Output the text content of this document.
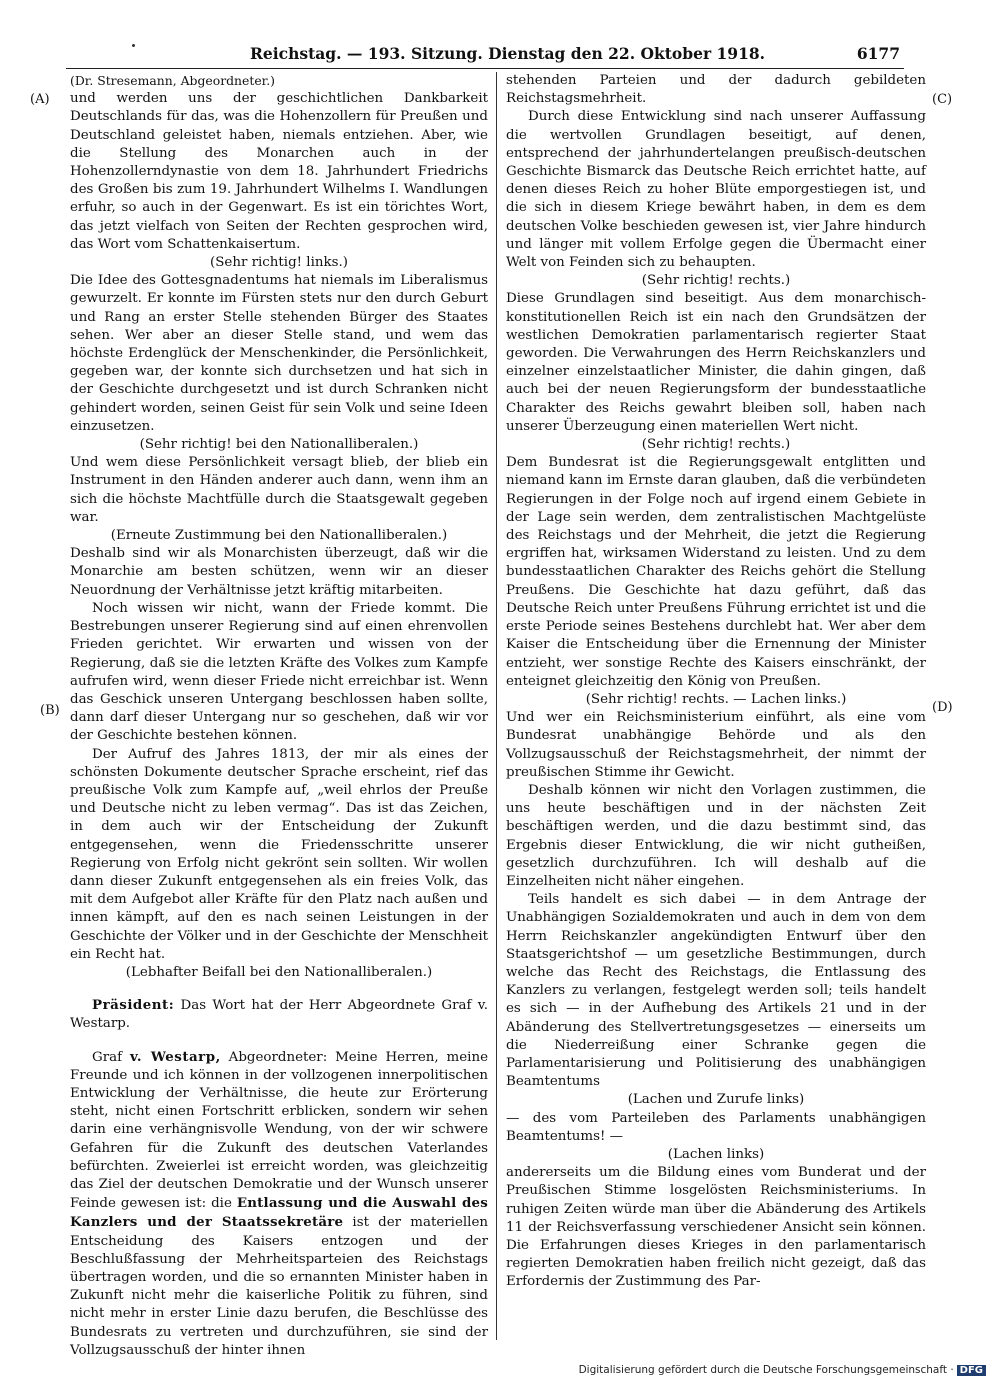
Reichstag. — 193. Sitzung. Dienstag den 22. Oktober 1918.	6177
(A)
(B)
(C)
(D)

(Dr. Stresemann, Abgeordneter.)

und werden uns der geschichtlichen Dankbarkeit Deutschlands für das, was die Hohenzollern für Preußen und Deutschland geleistet haben, niemals entziehen. Aber, wie die Stellung des Monarchen auch in der Hohenzollerndynastie von dem 18. Jahrhundert Friedrichs des Großen bis zum 19. Jahrhundert Wilhelms I. Wandlungen erfuhr, so auch in der Gegenwart. Es ist ein törichtes Wort, das jetzt vielfach von Seiten der Rechten gesprochen wird, das Wort vom Schattenkaisertum.

(Sehr richtig! links.)

Die Idee des Gottesgnadentums hat niemals im Liberalismus gewurzelt. Er konnte im Fürsten stets nur den durch Geburt und Rang an erster Stelle stehenden Bürger des Staates sehen. Wer aber an dieser Stelle stand, und wem das höchste Erdenglück der Menschenkinder, die Persönlichkeit, gegeben war, der konnte sich durchsetzen und hat sich in der Geschichte durchgesetzt und ist durch Schranken nicht gehindert worden, seinen Geist für sein Volk und seine Ideen einzusetzen.

(Sehr richtig! bei den Nationalliberalen.)

Und wem diese Persönlichkeit versagt blieb, der blieb ein Instrument in den Händen anderer auch dann, wenn ihm an sich die höchste Machtfülle durch die Staatsgewalt gegeben war.

(Erneute Zustimmung bei den Nationalliberalen.)

Deshalb sind wir als Monarchisten überzeugt, daß wir die Monarchie am besten schützen, wenn wir an dieser Neuordnung der Verhältnisse jetzt kräftig mitarbeiten.

Noch wissen wir nicht, wann der Friede kommt. Die Bestrebungen unserer Regierung sind auf einen ehrenvollen Frieden gerichtet. Wir erwarten und wissen von der Regierung, daß sie die letzten Kräfte des Volkes zum Kampfe aufrufen wird, wenn dieser Friede nicht erreichbar ist. Wenn das Geschick unseren Untergang beschlossen haben sollte, dann darf dieser Untergang nur so geschehen, daß wir vor der Geschichte bestehen können.

Der Aufruf des Jahres 1813, der mir als eines der schönsten Dokumente deutscher Sprache erscheint, rief das preußische Volk zum Kampfe auf, „weil ehrlos der Preuße und Deutsche nicht zu leben vermag“. Das ist das Zeichen, in dem auch wir der Entscheidung der Zukunft entgegensehen, wenn die Friedensschritte unserer Regierung von Erfolg nicht gekrönt sein sollten. Wir wollen dann dieser Zukunft entgegensehen als ein freies Volk, das mit dem Aufgebot aller Kräfte für den Platz nach außen und innen kämpft, auf den es nach seinen Leistungen in der Geschichte der Völker und in der Geschichte der Menschheit ein Recht hat.

(Lebhafter Beifall bei den Nationalliberalen.)

Präsident: Das Wort hat der Herr Abgeordnete Graf v. Westarp.

Graf v. Westarp, Abgeordneter: Meine Herren, meine Freunde und ich können in der vollzogenen innerpolitischen Entwicklung der Verhältnisse, die heute zur Erörterung steht, nicht einen Fortschritt erblicken, sondern wir sehen darin eine verhängnisvolle Wendung, von der wir schwere Gefahren für die Zukunft des deutschen Vaterlandes befürchten. Zweierlei ist erreicht worden, was gleichzeitig das Ziel der deutschen Demokratie und der Wunsch unserer Feinde gewesen ist: die Entlassung und die Auswahl des Kanzlers und der Staatssekretäre ist der materiellen Entscheidung des Kaisers entzogen und der Beschlußfassung der Mehrheitsparteien des Reichstags übertragen worden, und die so ernannten Minister haben in Zukunft nicht mehr die kaiserliche Politik zu führen, sind nicht mehr in erster Linie dazu berufen, die Beschlüsse des Bundesrats zu vertreten und durchzuführen, sie sind der Vollzugsausschuß der hinter ihnen

stehenden Parteien und der dadurch gebildeten Reichstagsmehrheit.

Durch diese Entwicklung sind nach unserer Auffassung die wertvollen Grundlagen beseitigt, auf denen, entsprechend der jahrhundertelangen preußisch-deutschen Geschichte Bismarck das Deutsche Reich errichtet hatte, auf denen dieses Reich zu hoher Blüte emporgestiegen ist, und die sich in diesem Kriege bewährt haben, in dem es dem deutschen Volke beschieden gewesen ist, vier Jahre hindurch und länger mit vollem Erfolge gegen die Übermacht einer Welt von Feinden sich zu behaupten.

(Sehr richtig! rechts.)

Diese Grundlagen sind beseitigt. Aus dem monarchisch-konstitutionellen Reich ist ein nach den Grundsätzen der westlichen Demokratien parlamentarisch regierter Staat geworden. Die Verwahrungen des Herrn Reichskanzlers und einzelner einzelstaatlicher Minister, die dahin gingen, daß auch bei der neuen Regierungsform der bundesstaatliche Charakter des Reichs gewahrt bleiben soll, haben nach unserer Überzeugung einen materiellen Wert nicht.

(Sehr richtig! rechts.)

Dem Bundesrat ist die Regierungsgewalt entglitten und niemand kann im Ernste daran glauben, daß die verbündeten Regierungen in der Folge noch auf irgend einem Gebiete in der Lage sein werden, dem zentralistischen Machtgelüste des Reichstags und der Mehrheit, die jetzt die Regierung ergriffen hat, wirksamen Widerstand zu leisten. Und zu dem bundesstaatlichen Charakter des Reichs gehört die Stellung Preußens. Die Geschichte hat dazu geführt, daß das Deutsche Reich unter Preußens Führung errichtet ist und die erste Periode seines Bestehens durchlebt hat. Wer aber dem Kaiser die Entscheidung über die Ernennung der Minister entzieht, wer sonstige Rechte des Kaisers einschränkt, der enteignet gleichzeitig den König von Preußen.

(Sehr richtig! rechts. — Lachen links.)

Und wer ein Reichsministerium einführt, als eine vom Bundesrat unabhängige Behörde und als den Vollzugsausschuß der Reichstagsmehrheit, der nimmt der preußischen Stimme ihr Gewicht.

Deshalb können wir nicht den Vorlagen zustimmen, die uns heute beschäftigen und in der nächsten Zeit beschäftigen werden, und die dazu bestimmt sind, das Ergebnis dieser Entwicklung, die wir nicht gutheißen, gesetzlich durchzuführen. Ich will deshalb auf die Einzelheiten nicht näher eingehen.

Teils handelt es sich dabei — in dem Antrage der Unabhängigen Sozialdemokraten und auch in dem von dem Herrn Reichskanzler angekündigten Entwurf über den Staatsgerichtshof — um gesetzliche Bestimmungen, durch welche das Recht des Reichstags, die Entlassung des Kanzlers zu verlangen, festgelegt werden soll; teils handelt es sich — in der Aufhebung des Artikels 21 und in der Abänderung des Stellvertretungsgesetzes — einerseits um die Niederreißung einer Schranke gegen die Parlamentarisierung und Politisierung des unabhängigen Beamtentums

(Lachen und Zurufe links)

— des vom Parteileben des Parlaments unabhängigen Beamtentums! —

(Lachen links)

andererseits um die Bildung eines vom Bunderat und der Preußischen Stimme losgelösten Reichsministeriums. In ruhigen Zeiten würde man über die Abänderung des Artikels 11 der Reichsverfassung verschiedener Ansicht sein können. Die Erfahrungen dieses Krieges in den parlamentarisch regierten Demokratien haben freilich nicht gezeigt, daß das Erfordernis der Zustimmung des Par-

Digitalisierung gefördert durch die Deutsche Forschungsgemeinschaft · DFG
